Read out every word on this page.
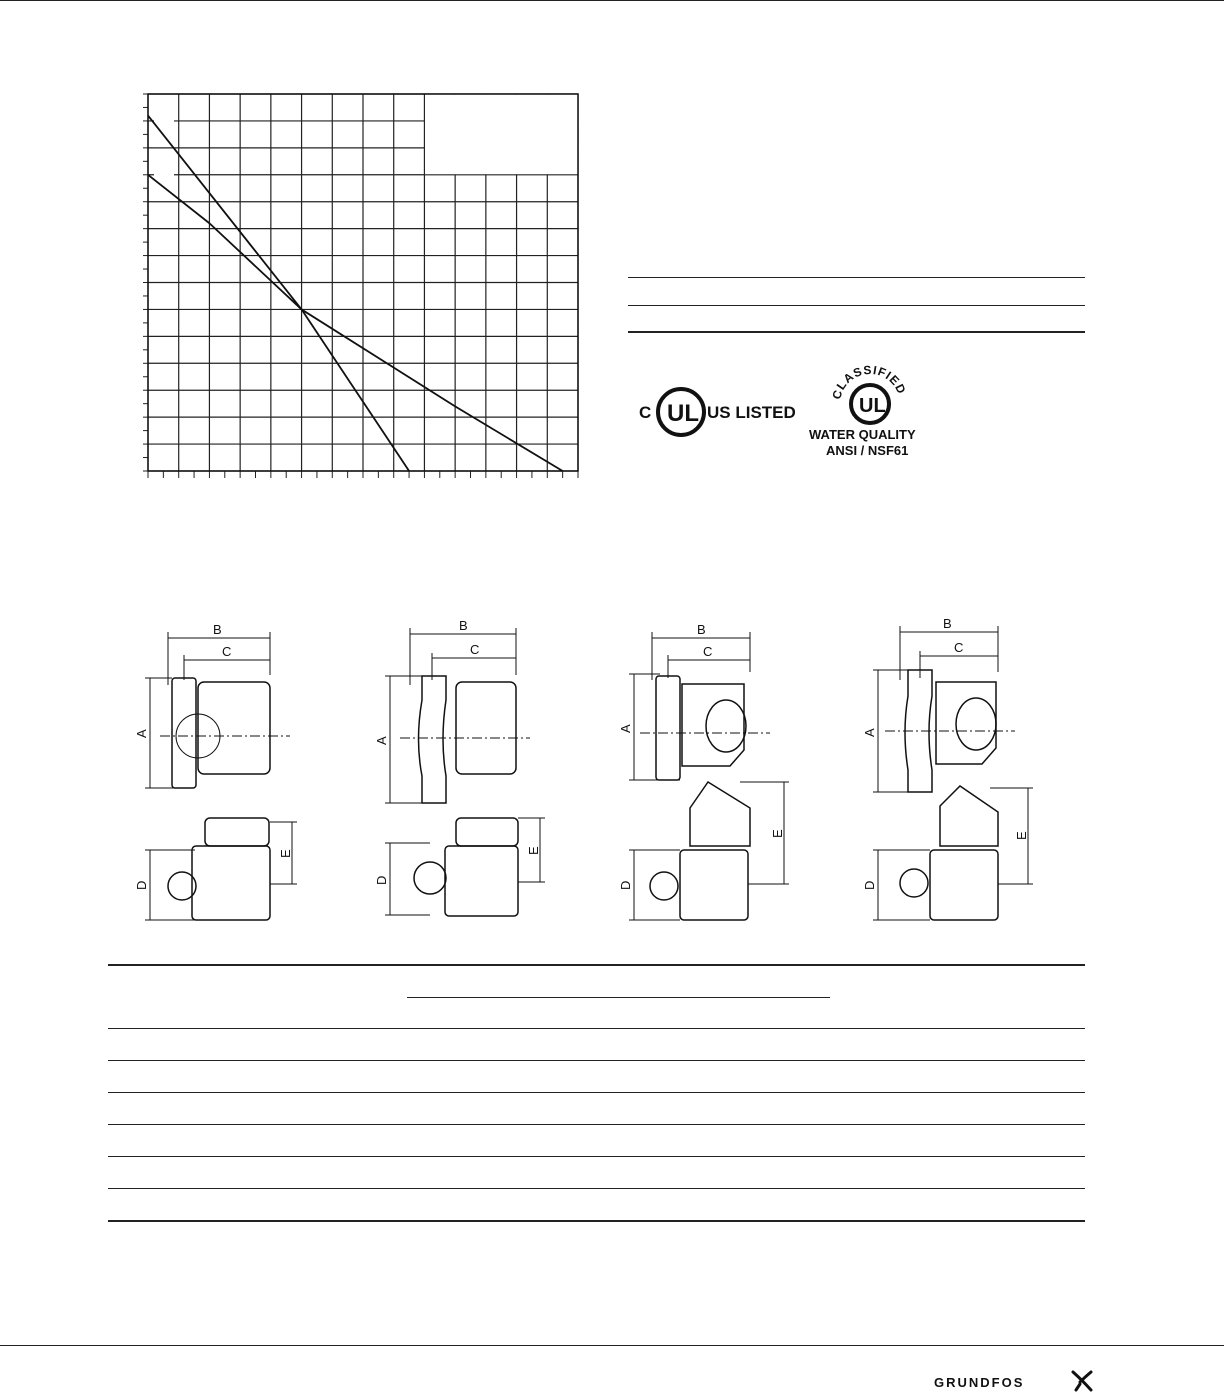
C UL US LISTED
CLASSIFIED
UL
WATER QUALITY
ANSI / NSF61
B
C
A
D
E
B
C
A
D
E
B
C
A
D
E
B
C
A
D
E
GRUNDFOS
